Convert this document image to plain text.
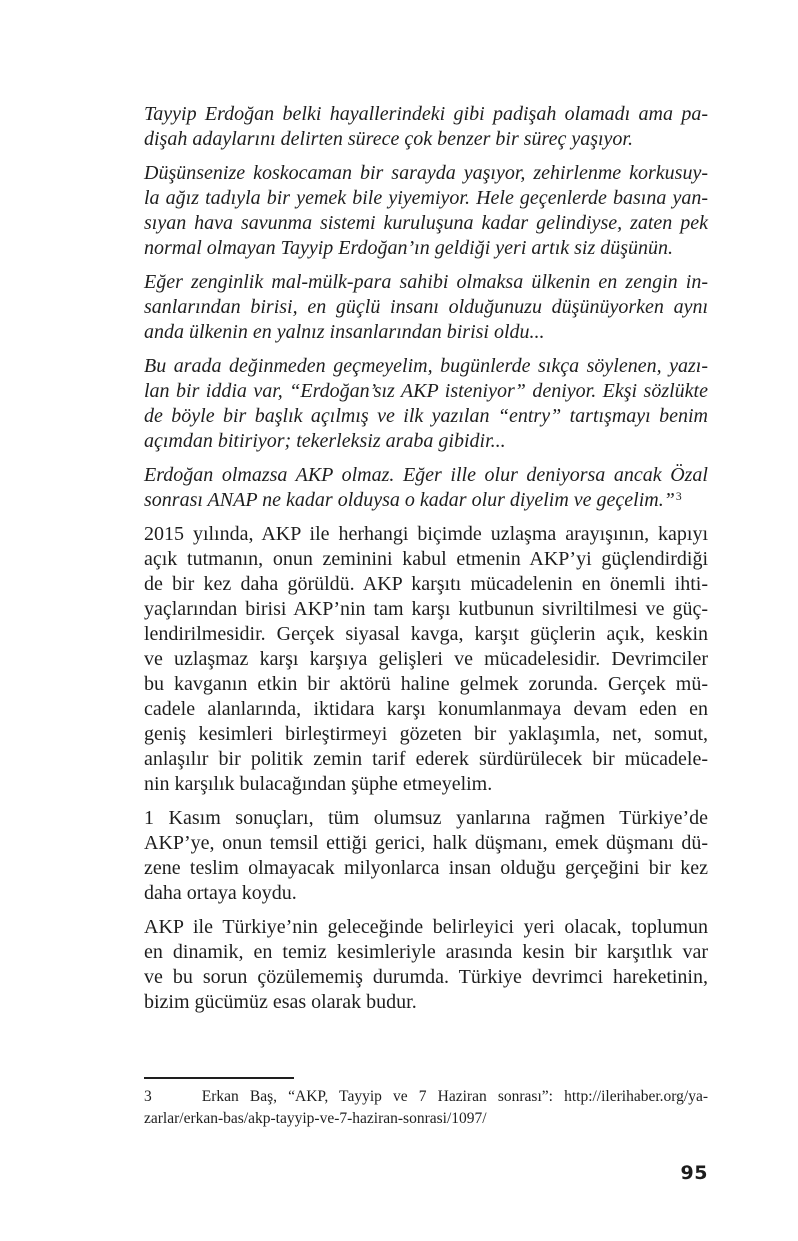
Tayyip Erdoğan belki hayallerindeki gibi padişah olamadı ama pa-
dişah adaylarını delirten sürece çok benzer bir süreç yaşıyor.

Düşünsenize koskocaman bir sarayda yaşıyor, zehirlenme korkusuy-
la ağız tadıyla bir yemek bile yiyemiyor. Hele geçenlerde basına yan-
sıyan hava savunma sistemi kuruluşuna kadar gelindiyse, zaten pek
normal olmayan Tayyip Erdoğan’ın geldiği yeri artık siz düşünün.

Eğer zenginlik mal-mülk-para sahibi olmaksa ülkenin en zengin in-
sanlarından birisi, en güçlü insanı olduğunuzu düşünüyorken aynı
anda ülkenin en yalnız insanlarından birisi oldu...

Bu arada değinmeden geçmeyelim, bugünlerde sıkça söylenen, yazı-
lan bir iddia var, “Erdoğan’sız AKP isteniyor” deniyor. Ekşi sözlükte
de böyle bir başlık açılmış ve ilk yazılan “entry” tartışmayı benim
açımdan bitiriyor; tekerleksiz araba gibidir...

Erdoğan olmazsa AKP olmaz. Eğer ille olur deniyorsa ancak Özal
sonrası ANAP ne kadar olduysa o kadar olur diyelim ve geçelim.”$^3$

2015 yılında, AKP ile herhangi biçimde uzlaşma arayışının, kapıyı
açık tutmanın, onun zeminini kabul etmenin AKP’yi güçlendirdiği
de bir kez daha görüldü. AKP karşıtı mücadelenin en önemli ihti-
yaçlarından birisi AKP’nin tam karşı kutbunun sivriltilmesi ve güç-
lendirilmesidir. Gerçek siyasal kavga, karşıt güçlerin açık, keskin
ve uzlaşmaz karşı karşıya gelişleri ve mücadelesidir. Devrimciler
bu kavganın etkin bir aktörü haline gelmek zorunda. Gerçek mü-
cadele alanlarında, iktidara karşı konumlanmaya devam eden en
geniş kesimleri birleştirmeyi gözeten bir yaklaşımla, net, somut,
anlaşılır bir politik zemin tarif ederek sürdürülecek bir mücadele-
nin karşılık bulacağından şüphe etmeyelim.

1 Kasım sonuçları, tüm olumsuz yanlarına rağmen Türkiye’de
AKP’ye, onun temsil ettiği gerici, halk düşmanı, emek düşmanı dü-
zene teslim olmayacak milyonlarca insan olduğu gerçeğini bir kez
daha ortaya koydu.

AKP ile Türkiye’nin geleceğinde belirleyici yeri olacak, toplumun
en dinamik, en temiz kesimleriyle arasında kesin bir karşıtlık var
ve bu sorun çözülememiş durumda. Türkiye devrimci hareketinin,
bizim gücümüz esas olarak budur.

3	Erkan Baş, “AKP, Tayyip ve 7 Haziran sonrası”: http://ilerihaber.org/ya-
zarlar/erkan-bas/akp-tayyip-ve-7-haziran-sonrasi/1097/
95
